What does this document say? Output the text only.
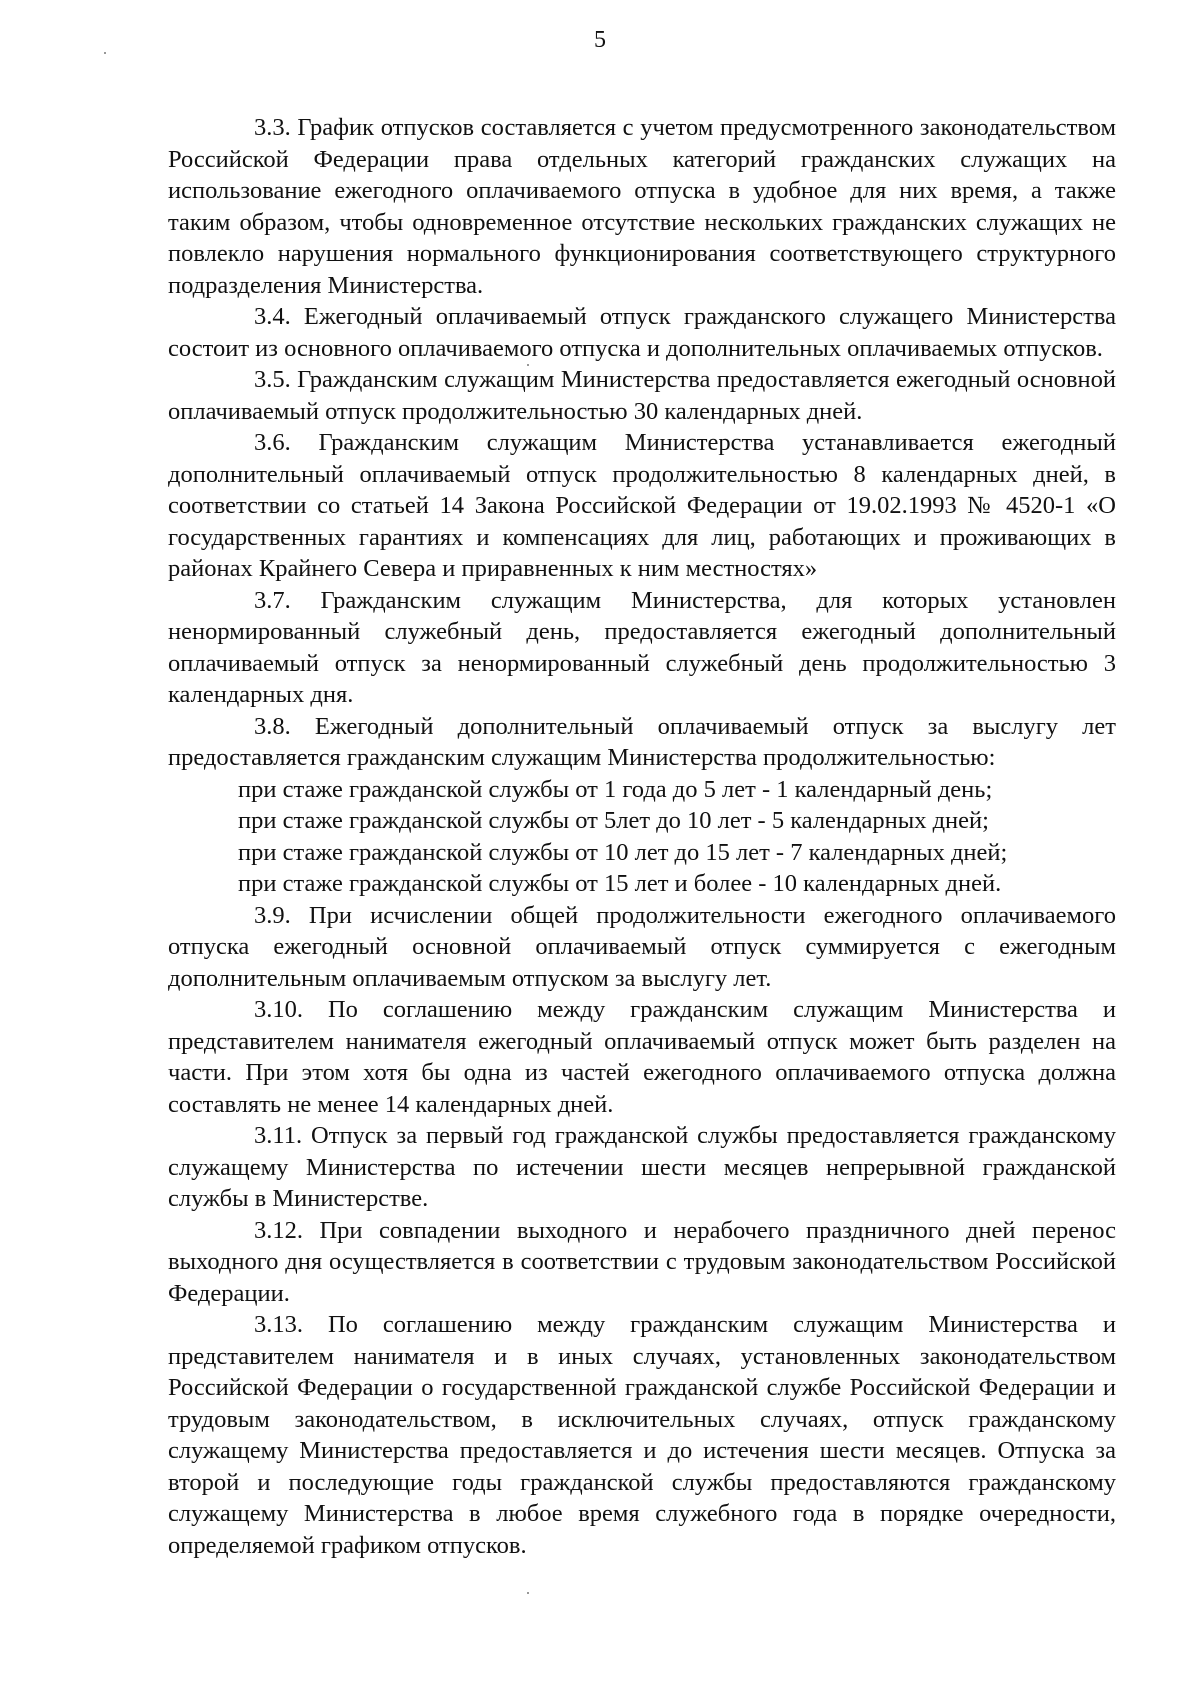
5

3.3. График отпусков составляется с учетом предусмотренного законодательством Российской Федерации права отдельных категорий гражданских служащих на использование ежегодного оплачиваемого отпуска в удобное для них время, а также таким образом, чтобы одновременное отсутствие нескольких гражданских служащих не повлекло нарушения нормального функционирования соответствующего структурного подразделения Министерства.

3.4. Ежегодный оплачиваемый отпуск гражданского служащего Министерства состоит из основного оплачиваемого отпуска и дополнительных оплачиваемых отпусков.

3.5. Гражданским служащим Министерства предоставляется ежегодный основной оплачиваемый отпуск продолжительностью 30 календарных дней.

3.6. Гражданским служащим Министерства устанавливается ежегодный дополнительный оплачиваемый отпуск продолжительностью 8 календарных дней, в соответствии со статьей 14 Закона Российской Федерации от 19.02.1993 № 4520-1 «О государственных гарантиях и компенсациях для лиц, работающих и проживающих в районах Крайнего Севера и приравненных к ним местностях»

3.7. Гражданским служащим Министерства, для которых установлен ненормированный служебный день, предоставляется ежегодный дополнительный оплачиваемый отпуск за ненормированный служебный день продолжительностью 3 календарных дня.

3.8. Ежегодный дополнительный оплачиваемый отпуск за выслугу лет предоставляется гражданским служащим Министерства продолжительностью:

при стаже гражданской службы от 1 года до 5 лет - 1 календарный день;

при стаже гражданской службы от 5лет до 10 лет - 5 календарных дней;

при стаже гражданской службы от 10 лет до 15 лет - 7 календарных дней;

при стаже гражданской службы от 15 лет и более - 10 календарных дней.

3.9. При исчислении общей продолжительности ежегодного оплачиваемого отпуска ежегодный основной оплачиваемый отпуск суммируется с ежегодным дополнительным оплачиваемым отпуском за выслугу лет.

3.10. По соглашению между гражданским служащим Министерства и представителем нанимателя ежегодный оплачиваемый отпуск может быть разделен на части. При этом хотя бы одна из частей ежегодного оплачиваемого отпуска должна составлять не менее 14 календарных дней.

3.11. Отпуск за первый год гражданской службы предоставляется гражданскому служащему Министерства по истечении шести месяцев непрерывной гражданской службы в Министерстве.

3.12. При совпадении выходного и нерабочего праздничного дней перенос выходного дня осуществляется в соответствии с трудовым законодательством Российской Федерации.

3.13. По соглашению между гражданским служащим Министерства и представителем нанимателя и в иных случаях, установленных законодательством Российской Федерации о государственной гражданской службе Российской Федерации и трудовым законодательством, в исключительных случаях, отпуск гражданскому служащему Министерства предоставляется и до истечения шести месяцев. Отпуска за второй и последующие годы гражданской службы предоставляются гражданскому служащему Министерства в любое время служебного года в порядке очередности, определяемой графиком отпусков.
